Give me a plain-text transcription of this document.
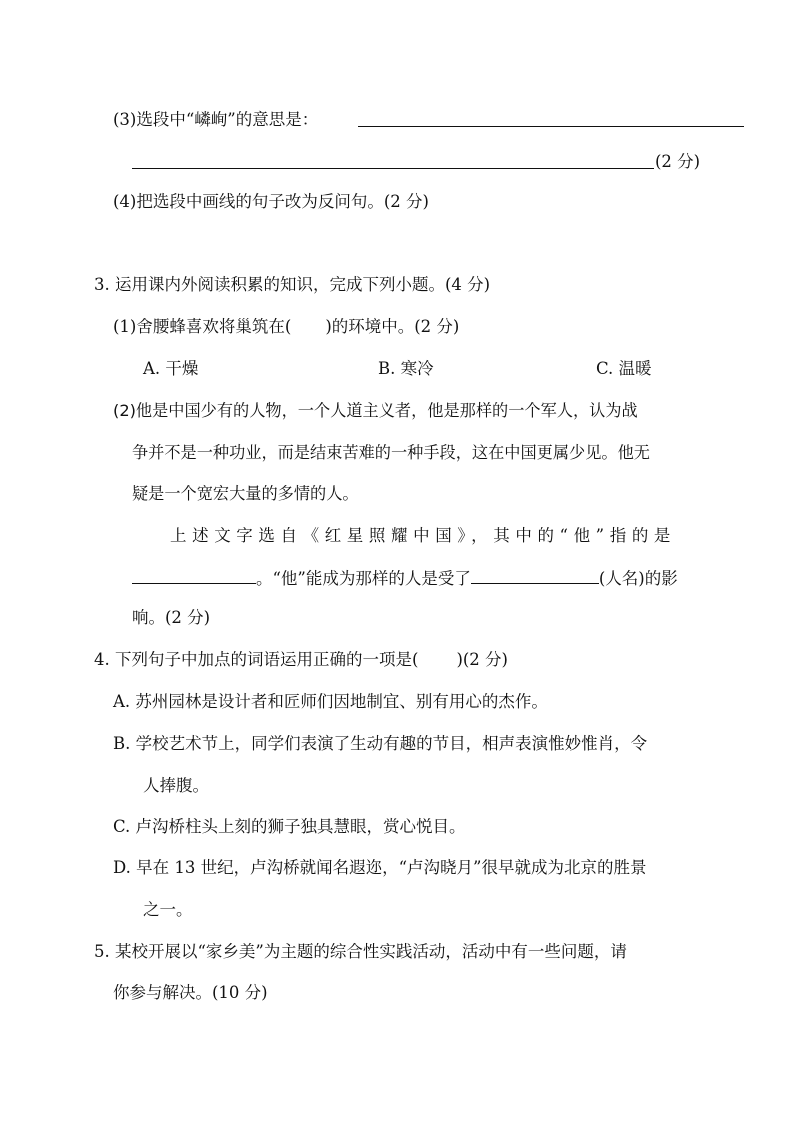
(3)选段中“嶙峋”的意思是：
(2 分)
(4)把选段中画线的句子改为反问句。(2 分)
3. 运用课内外阅读积累的知识，完成下列小题。(4 分)
(1)舍腰蜂喜欢将巢筑在( )的环境中。(2 分)
A. 干燥	B. 寒冷	C. 温暖
(2)他是中国少有的人物，一个人道主义者，他是那样的一个军人，认为战
争并不是一种功业，而是结束苦难的一种手段，这在中国更属少见。他无
疑是一个宽宏大量的多情的人。
上述文字选自《红星照耀中国》，其中的“他”指的是
。“他”能成为那样的人是受了	(人名)的影
响。(2 分)
4. 下列句子中加点的词语运用正确的一项是( )(2 分)
A. 苏州园林是设计者和匠师们因地制宜、别有用心的杰作。
B. 学校艺术节上，同学们表演了生动有趣的节目，相声表演惟妙惟肖，令
人捧腹。
C. 卢沟桥柱头上刻的狮子独具慧眼，赏心悦目。
D. 早在 13 世纪，卢沟桥就闻名遐迩，“卢沟晓月”很早就成为北京的胜景
之一。
5. 某校开展以“家乡美”为主题的综合性实践活动，活动中有一些问题，请
你参与解决。(10 分)
